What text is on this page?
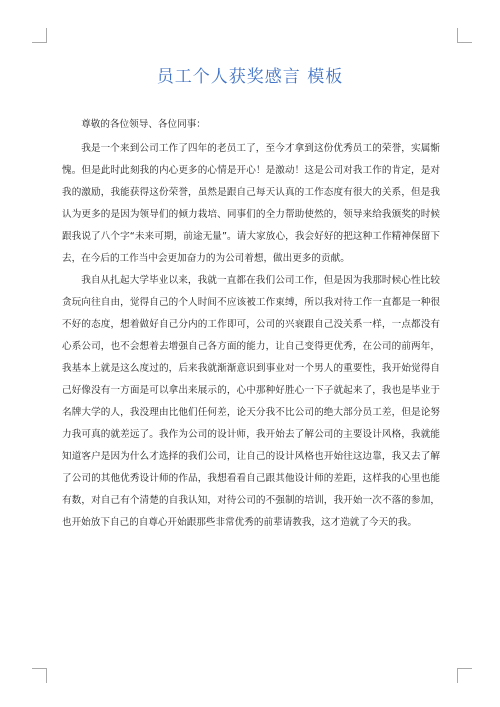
员工个人获奖感言 模板

尊敬的各位领导、各位同事：

我是一个来到公司工作了四年的老员工了，至今才拿到这份优秀员工的荣誉，实属惭愧。但是此时此刻我的内心更多的心情是开心！是激动！这是公司对我工作的肯定，是对我的激励，我能获得这份荣誉，虽然是跟自己每天认真的工作态度有很大的关系，但是我认为更多的是因为领导们的倾力栽培、同事们的全力帮助使然的，领导来给我颁奖的时候跟我说了八个字“未来可期，前途无量”。请大家放心，我会好好的把这种工作精神保留下去，在今后的工作当中会更加奋力的为公司着想，做出更多的贡献。

我自从扎起大学毕业以来，我就一直都在我们公司工作，但是因为我那时候心性比较贪玩向往自由，觉得自己的个人时间不应该被工作束缚，所以我对待工作一直都是一种很不好的态度，想着做好自己分内的工作即可，公司的兴衰跟自己没关系一样，一点都没有心系公司，也不会想着去增强自己各方面的能力，让自己变得更优秀，在公司的前两年，我基本上就是这么度过的，后来我就渐渐意识到事业对一个男人的重要性，我开始觉得自己好像没有一方面是可以拿出来展示的，心中那种好胜心一下子就起来了，我也是毕业于名牌大学的人，我没理由比他们任何差，论天分我不比公司的绝大部分员工差，但是论努力我可真的就差远了。我作为公司的设计师，我开始去了解公司的主要设计风格，我就能知道客户是因为什么才选择的我们公司，让自己的设计风格也开始往这边靠，我又去了解了公司的其他优秀设计师的作品，我想看看自己跟其他设计师的差距，这样我的心里也能有数，对自己有个清楚的自我认知，对待公司的不强制的培训，我开始一次不落的参加，也开始放下自己的自尊心开始跟那些非常优秀的前辈请教我，这才造就了今天的我。
